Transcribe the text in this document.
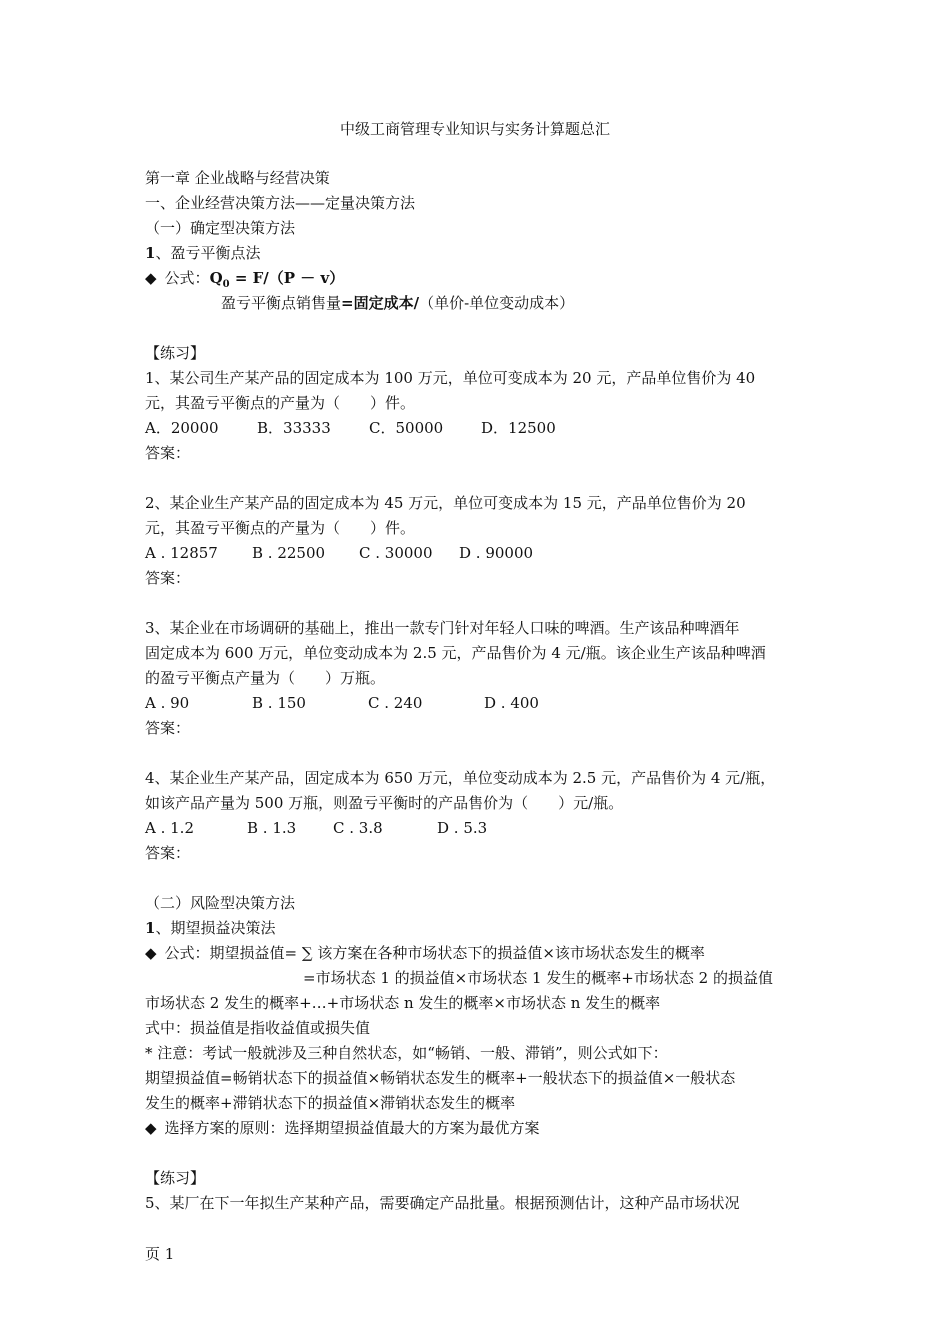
中级工商管理专业知识与实务计算题总汇
第一章 企业战略与经营决策
一、企业经营决策方法——定量决策方法
（一）确定型决策方法
1、盈亏平衡点法
◆ 公式：$Q_0 = F/(P - v)$
盈亏平衡点销售量=固定成本/（单价-单位变动成本）
【练习】
1、某公司生产某产品的固定成本为 100 万元，单位可变成本为 20 元，产品单位售价为 40
元，其盈亏平衡点的产量为（　　）件。
A．20000	B．33333	C．50000	D．12500
答案：
2、某企业生产某产品的固定成本为 45 万元，单位可变成本为 15 元，产品单位售价为 20
元，其盈亏平衡点的产量为（　　）件。
A . 12857	B . 22500	C . 30000	D . 90000
答案：
3、某企业在市场调研的基础上，推出一款专门针对年轻人口味的啤酒。生产该品种啤酒年
固定成本为 600 万元，单位变动成本为 2.5 元，产品售价为 4 元/瓶。该企业生产该品种啤酒
的盈亏平衡点产量为（　　）万瓶。
A . 90	B . 150	C . 240	D . 400
答案：
4、某企业生产某产品，固定成本为 650 万元，单位变动成本为 2.5 元，产品售价为 4 元/瓶，
如该产品产量为 500 万瓶，则盈亏平衡时的产品售价为（　　）元/瓶。
A . 1.2	B . 1.3	C . 3.8	D . 5.3
答案：
（二）风险型决策方法
1、期望损益决策法
◆ 公式：期望损益值= ∑ 该方案在各种市场状态下的损益值×该市场状态发生的概率
=市场状态 1 的损益值×市场状态 1 发生的概率+市场状态 2 的损益值
市场状态 2 发生的概率+…+市场状态 n 发生的概率×市场状态 n 发生的概率
式中：损益值是指收益值或损失值
* 注意：考试一般就涉及三种自然状态，如“畅销、一般、滞销”，则公式如下：
期望损益值=畅销状态下的损益值×畅销状态发生的概率+一般状态下的损益值×一般状态
发生的概率+滞销状态下的损益值×滞销状态发生的概率
◆ 选择方案的原则：选择期望损益值最大的方案为最优方案
【练习】
5、某厂在下一年拟生产某种产品，需要确定产品批量。根据预测估计，这种产品市场状况
页 1
